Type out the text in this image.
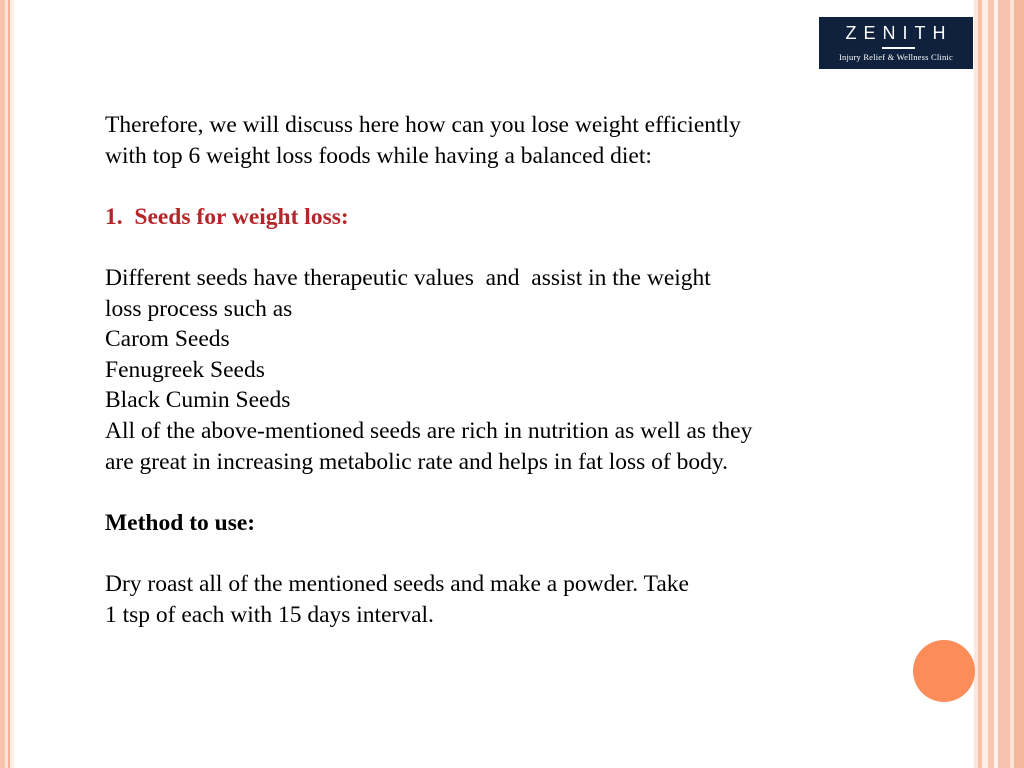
ZENITH
Injury Relief & Wellness Clinic

Therefore, we will discuss here how can you lose weight efficiently

with top 6 weight loss foods while having a balanced diet:

1.  Seeds for weight loss:

Different seeds have therapeutic values  and  assist in the weight

loss process such as

Carom Seeds

Fenugreek Seeds

Black Cumin Seeds

All of the above-mentioned seeds are rich in nutrition as well as they

are great in increasing metabolic rate and helps in fat loss of body.

Method to use:

Dry roast all of the mentioned seeds and make a powder. Take

1 tsp of each with 15 days interval.
